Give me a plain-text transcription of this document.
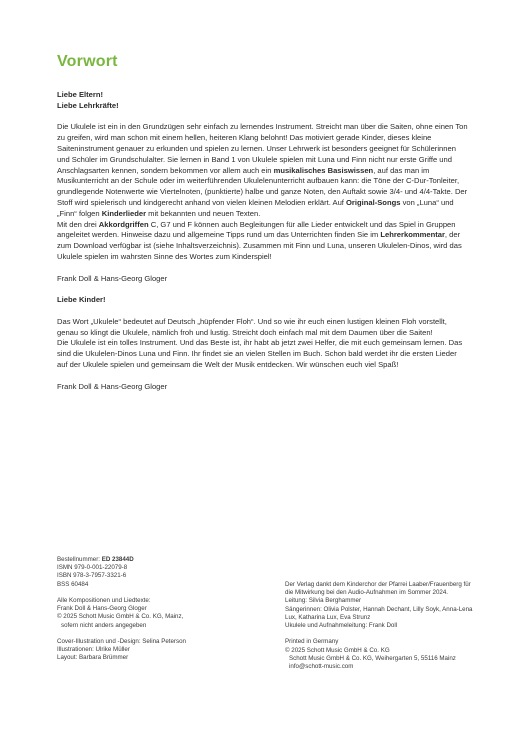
Vorwort

Liebe Eltern!

Liebe Lehrkräfte!

Die Ukulele ist ein in den Grundzügen sehr einfach zu lernendes Instrument. Streicht man über die Saiten, ohne einen Ton zu greifen, wird man schon mit einem hellen, heiteren Klang belohnt! Das motiviert gerade Kinder, dieses kleine Saiteninstrument genauer zu erkunden und spielen zu lernen. Unser Lehrwerk ist besonders geeignet für Schülerinnen und Schüler im Grundschulalter. Sie lernen in Band 1 von Ukulele spielen mit Luna und Finn nicht nur erste Griffe und Anschlagsarten kennen, sondern bekommen vor allem auch ein musikalisches Basiswissen, auf das man im Musikunterricht an der Schule oder im weiterführenden Ukulelenunterricht aufbauen kann: die Töne der C-Dur-Tonleiter, grundlegende Notenwerte wie Viertelnoten, (punktierte) halbe und ganze Noten, den Auftakt sowie 3/4- und 4/4-Takte. Der Stoff wird spielerisch und kindgerecht anhand von vielen kleinen Melodien erklärt. Auf Original-Songs von „Luna“ und „Finn“ folgen Kinderlieder mit bekannten und neuen Texten.

Mit den drei Akkordgriffen C, G7 und F können auch Begleitungen für alle Lieder entwickelt und das Spiel in Gruppen angeleitet werden. Hinweise dazu und allgemeine Tipps rund um das Unterrichten finden Sie im Lehrerkommentar, der zum Download verfügbar ist (siehe Inhaltsverzeichnis). Zusammen mit Finn und Luna, unseren Ukulelen-Dinos, wird das Ukulele spielen im wahrsten Sinne des Wortes zum Kinderspiel!

Frank Doll & Hans-Georg Gloger

Liebe Kinder!

Das Wort „Ukulele“ bedeutet auf Deutsch „hüpfender Floh“. Und so wie ihr euch einen lustigen kleinen Floh vorstellt, genau so klingt die Ukulele, nämlich froh und lustig. Streicht doch einfach mal mit dem Daumen über die Saiten!

Die Ukulele ist ein tolles Instrument. Und das Beste ist, ihr habt ab jetzt zwei Helfer, die mit euch gemeinsam lernen. Das sind die Ukulelen-Dinos Luna und Finn. Ihr findet sie an vielen Stellen im Buch. Schon bald werdet ihr die ersten Lieder auf der Ukulele spielen und gemeinsam die Welt der Musik entdecken. Wir wünschen euch viel Spaß!

Frank Doll & Hans-Georg Gloger

Bestellnummer: ED 23844D
ISMN 979-0-001-22079-8
ISBN 978-3-7957-3321-6
BSS 60484
Alle Kompositionen und Liedtexte:
Frank Doll & Hans-Georg Gloger
© 2025 Schott Music GmbH & Co. KG, Mainz,
sofern nicht anders angegeben
Cover-Illustration und -Design: Selina Peterson
Illustrationen: Ulrike Müller
Layout: Barbara Brümmer
Der Verlag dankt dem Kinderchor der Pfarrei Laaber/Frauenberg für
die Mitwirkung bei den Audio-Aufnahmen im Sommer 2024.
Leitung: Silvia Berghammer
Sängerinnen: Olivia Polster, Hannah Dechant, Lilly Soyk, Anna-Lena
Lux, Katharina Lux, Eva Strunz
Ukulele und Aufnahmeleitung: Frank Doll
Printed in Germany
© 2025 Schott Music GmbH & Co. KG
Schott Music GmbH & Co. KG, Weihergarten 5, 55116 Mainz
info@schott-music.com
